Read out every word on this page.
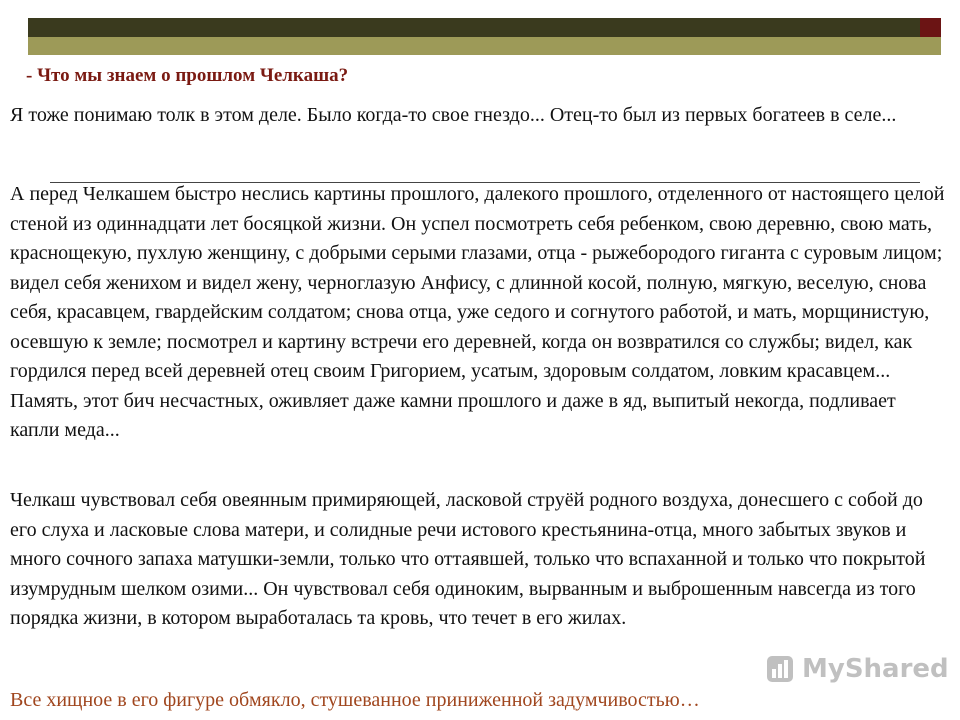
- Что мы знаем о прошлом Челкаша?

Я тоже понимаю толк в этом деле. Было когда-то свое гнездо... Отец-то был из первых богатеев в селе...

А перед Челкашем быстро неслись картины прошлого, далекого прошлого, отделенного от настоящего целой стеной из одиннадцати лет босяцкой жизни. Он успел посмотреть себя ребенком, свою деревню, свою мать, краснощекую, пухлую женщину, с добрыми серыми глазами, отца - рыжебородого гиганта с суровым лицом; видел себя женихом и видел жену, черноглазую Анфису, с длинной косой, полную, мягкую, веселую, снова себя, красавцем, гвардейским солдатом; снова отца, уже седого и согнутого работой, и мать, морщинистую, осевшую к земле; посмотрел и картину встречи его деревней, когда он возвратился со службы; видел, как гордился перед всей деревней отец своим Григорием, усатым, здоровым солдатом, ловким красавцем... Память, этот бич несчастных, оживляет даже камни прошлого и даже в яд, выпитый некогда, подливает капли меда...

Челкаш чувствовал себя овеянным примиряющей, ласковой струёй родного воздуха, донесшего с собой до его слуха и ласковые слова матери, и солидные речи истового крестьянина-отца, много забытых звуков и много сочного запаха матушки-земли, только что оттаявшей, только что вспаханной и только что покрытой изумрудным шелком озими... Он чувствовал себя одиноким, вырванным и выброшенным навсегда из того порядка жизни, в котором выработалась та кровь, что течет в его жилах.

Все хищное в его фигуре обмякло, стушеванное приниженной задумчивостью…

MyShared
